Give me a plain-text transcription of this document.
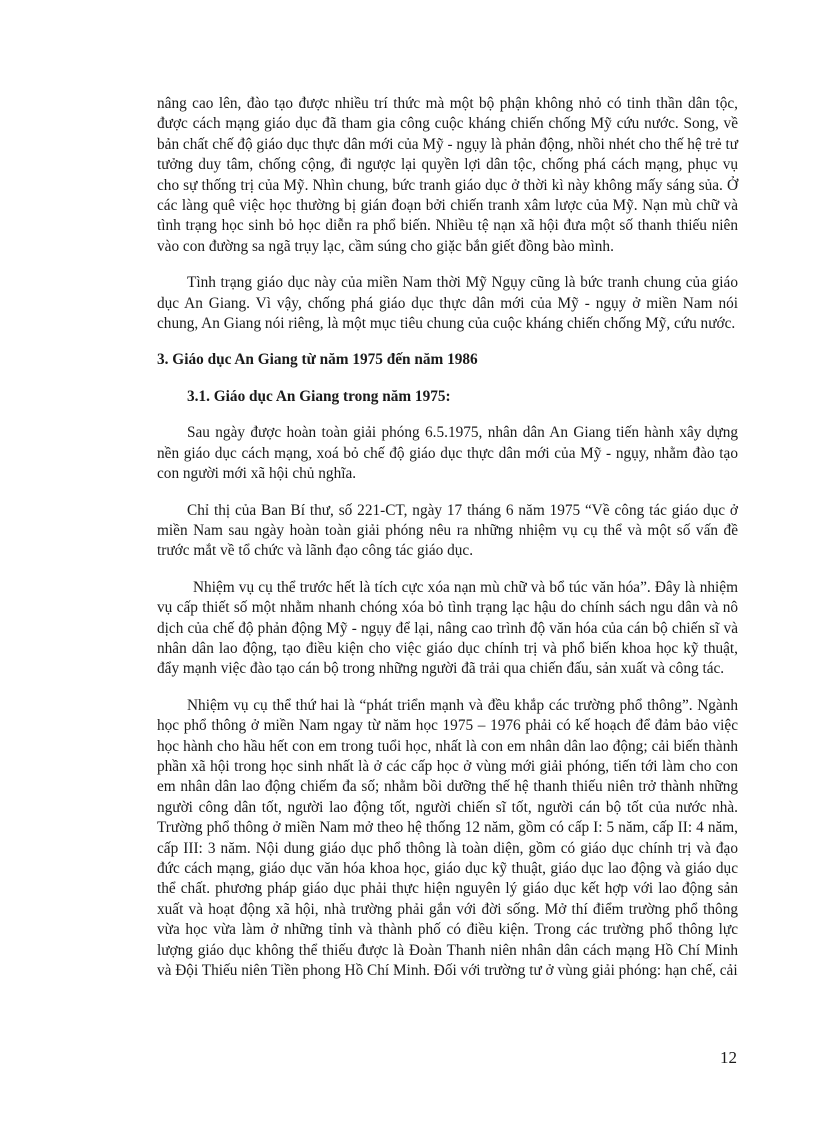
nâng cao lên, đào tạo được nhiều trí thức mà một bộ phận không nhỏ có tinh thần dân tộc, được cách mạng giáo dục đã tham gia công cuộc kháng chiến chống Mỹ cứu nước. Song, về bản chất chế độ giáo dục thực dân mới của Mỹ - ngụy là phản động, nhồi nhét cho thế hệ trẻ tư tưởng duy tâm, chống cộng, đi ngược lại quyền lợi dân tộc, chống phá cách mạng, phục vụ cho sự thống trị của Mỹ. Nhìn chung, bức tranh giáo dục ở thời kì này không mấy sáng sủa. Ở các làng quê việc học thường bị gián đoạn bởi chiến tranh xâm lược của Mỹ. Nạn mù chữ và tình trạng học sinh bỏ học diễn ra phổ biến. Nhiều tệ nạn xã hội đưa một số thanh thiếu niên vào con đường sa ngã trụy lạc, cầm súng cho giặc bắn giết đồng bào mình.

Tình trạng giáo dục này của miền Nam thời Mỹ Ngụy cũng là bức tranh chung của giáo dục An Giang. Vì vậy, chống phá giáo dục thực dân mới của Mỹ - ngụy ở miền Nam nói chung, An Giang nói riêng, là một mục tiêu chung của cuộc kháng chiến chống Mỹ, cứu nước.

3. Giáo dục An Giang từ năm 1975 đến năm 1986
3.1. Giáo dục An Giang trong năm 1975:

Sau ngày được hoàn toàn giải phóng 6.5.1975, nhân dân An Giang tiến hành xây dựng nền giáo dục cách mạng, xoá bỏ chế độ giáo dục thực dân mới của Mỹ - ngụy, nhằm đào tạo con người mới xã hội chủ nghĩa.

Chỉ thị của Ban Bí thư, số 221-CT, ngày 17 tháng 6 năm 1975 “Về công tác giáo dục ở miền Nam sau ngày hoàn toàn giải phóng nêu ra những nhiệm vụ cụ thể và một số vấn đề trước mắt về tổ chức và lãnh đạo công tác giáo dục.

Nhiệm vụ cụ thể trước hết là tích cực xóa nạn mù chữ và bổ túc văn hóa”. Đây là nhiệm vụ cấp thiết số một nhằm nhanh chóng xóa bỏ tình trạng lạc hậu do chính sách ngu dân và nô dịch của chế độ phản động Mỹ - ngụy để lại, nâng cao trình độ văn hóa của cán bộ chiến sĩ và nhân dân lao động, tạo điều kiện cho việc giáo dục chính trị và phổ biến khoa học kỹ thuật, đẩy mạnh việc đào tạo cán bộ trong những người đã trải qua chiến đấu, sản xuất và công tác.

Nhiệm vụ cụ thể thứ hai là “phát triển mạnh và đều khắp các trường phổ thông”. Ngành học phổ thông ở miền Nam ngay từ năm học 1975 – 1976 phải có kế hoạch để đảm bảo việc học hành cho hầu hết con em trong tuổi học, nhất là con em nhân dân lao động; cải biến thành phần xã hội trong học sinh nhất là ở các cấp học ở vùng mới giải phóng, tiến tới làm cho con em nhân dân lao động chiếm đa số; nhằm bồi dưỡng thế hệ thanh thiếu niên trở thành những người công dân tốt, người lao động tốt, người chiến sĩ tốt, người cán bộ tốt của nước nhà. Trường phổ thông ở miền Nam mở theo hệ thống 12 năm, gồm có cấp I: 5 năm, cấp II: 4 năm, cấp III: 3 năm. Nội dung giáo dục phổ thông là toàn diện, gồm có giáo dục chính trị và đạo đức cách mạng, giáo dục văn hóa khoa học, giáo dục kỹ thuật, giáo dục lao động và giáo dục thể chất. phương pháp giáo dục phải thực hiện nguyên lý giáo dục kết hợp với lao động sản xuất và hoạt động xã hội, nhà trường phải gắn với đời sống. Mở thí điểm trường phổ thông vừa học vừa làm ở những tỉnh và thành phố có điều kiện. Trong các trường phổ thông lực lượng giáo dục không thể thiếu được là Đoàn Thanh niên nhân dân cách mạng Hồ Chí Minh và Đội Thiếu niên Tiền phong Hồ Chí Minh. Đối với trường tư ở vùng giải phóng: hạn chế, cải

12
